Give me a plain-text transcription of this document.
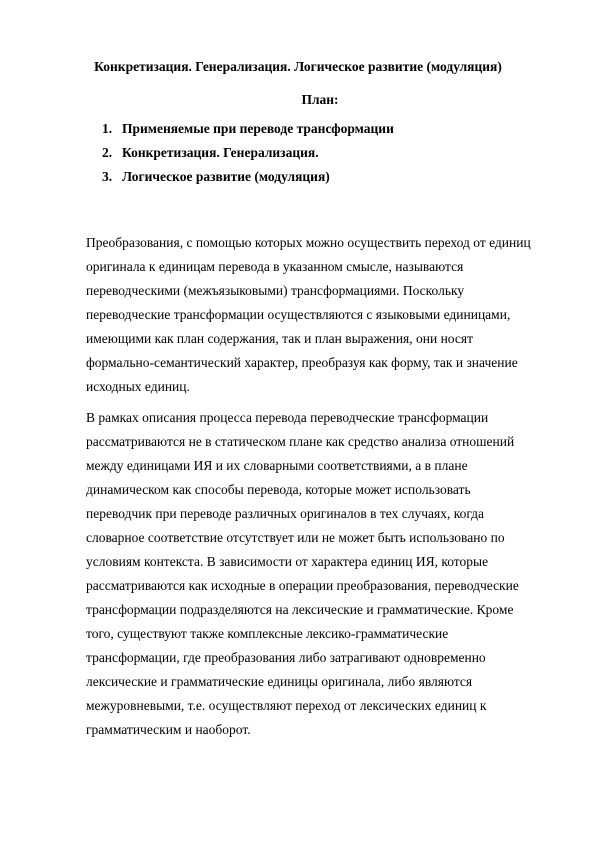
Конкретизация. Генерализация. Логическое развитие (модуляция)
План:
1. Применяемые при переводе трансформации
2. Конкретизация. Генерализация.
3. Логическое развитие (модуляция)

Преобразования, с помощью которых можно осуществить переход от единиц
оригинала к единицам перевода в указанном смысле, называются
переводческими (межъязыковыми) трансформациями. Поскольку
переводческие трансформации осуществляются с языковыми единицами,
имеющими как план содержания, так и план выражения, они носят
формально-семантический характер, преобразуя как форму, так и значение
исходных единиц.

В рамках описания процесса перевода переводческие трансформации
рассматриваются не в статическом плане как средство анализа отношений
между единицами ИЯ и их словарными соответствиями, а в плане
динамическом как способы перевода, которые может использовать
переводчик при переводе различных оригиналов в тех случаях, когда
словарное соответствие отсутствует или не может быть использовано по
условиям контекста. В зависимости от характера единиц ИЯ, которые
рассматриваются как исходные в операции преобразования, переводческие
трансформации подразделяются на лексические и грамматические. Кроме
того, существуют также комплексные лексико-грамматические
трансформации, где преобразования либо затрагивают одновременно
лексические и грамматические единицы оригинала, либо являются
межуровневыми, т.е. осуществляют переход от лексических единиц к
грамматическим и наоборот.
